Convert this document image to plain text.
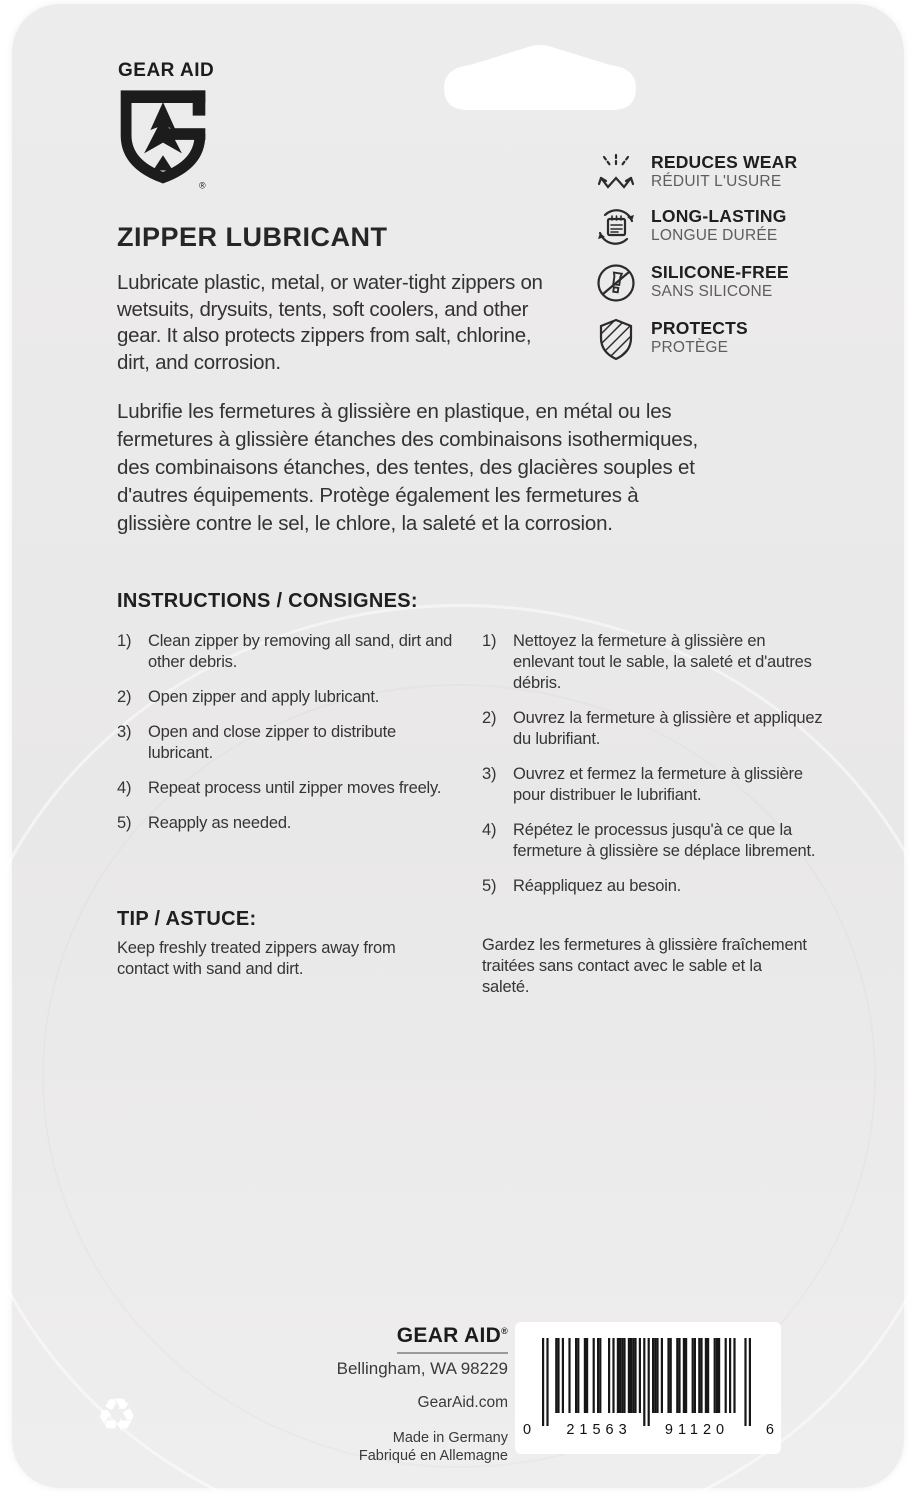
GEAR AID
®
REDUCES WEAR
RÉDUIT L'USURE
LONG-LASTING
LONGUE DURÉE
SILICONE-FREE
SANS SILICONE
PROTECTS
PROTÈGE
ZIPPER LUBRICANT
Lubricate plastic, metal, or water-tight zippers on wetsuits, drysuits, tents, soft coolers, and other gear. It also protects zippers from salt, chlorine, dirt, and corrosion.
Lubrifie les fermetures à glissière en plastique, en métal ou les fermetures à glissière étanches des combinaisons isothermiques, des combinaisons étanches, des tentes, des glacières souples et d'autres équipements. Protège également les fermetures à glissière contre le sel, le chlore, la saleté et la corrosion.
INSTRUCTIONS / CONSIGNES:
1)	Clean zipper by removing all sand, dirt and other debris.
2)	Open zipper and apply lubricant.
3)	Open and close zipper to distribute lubricant.
4)	Repeat process until zipper moves freely.
5)	Reapply as needed.
1)	Nettoyez la fermeture à glissière en enlevant tout le sable, la saleté et d'autres débris.
2)	Ouvrez la fermeture à glissière et appliquez du lubrifiant.
3)	Ouvrez et fermez la fermeture à glissière pour distribuer le lubrifiant.
4)	Répétez le processus jusqu'à ce que la fermeture à glissière se déplace librement.
5)	Réappliquez au besoin.
TIP / ASTUCE:
Keep freshly treated zippers away from contact with sand and dirt.
Gardez les fermetures à glissière fraîchement traitées sans contact avec le sable et la saleté.
GEAR AID®
Bellingham, WA 98229
GearAid.com
Made in Germany
Fabriqué en Allemagne
0	21563	91120	6
♻
